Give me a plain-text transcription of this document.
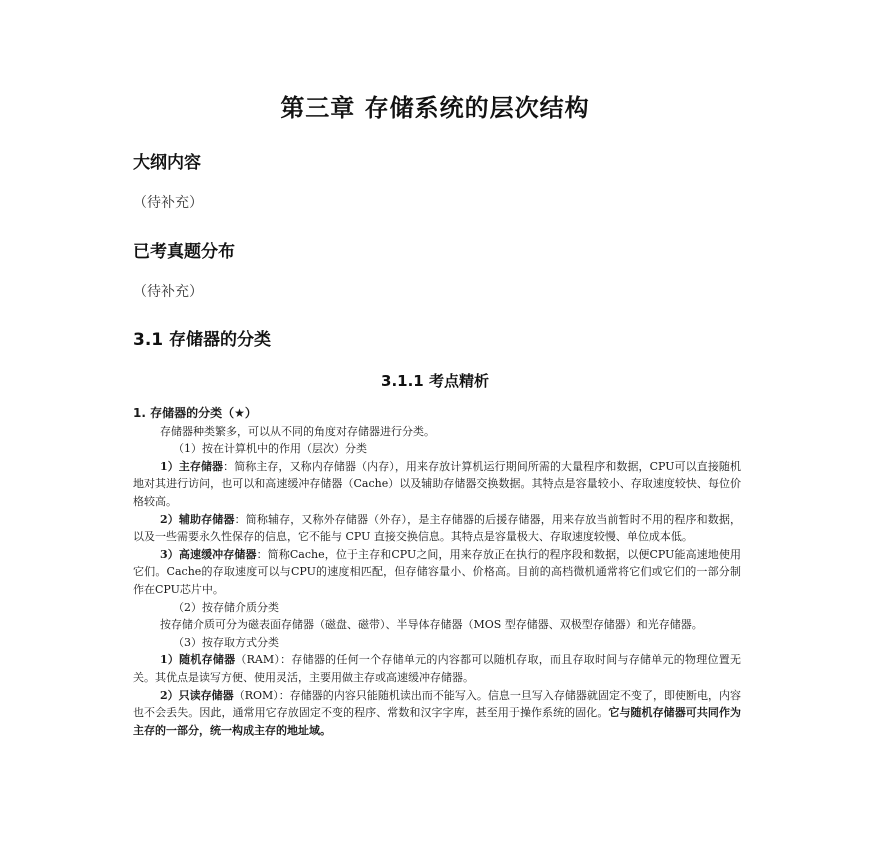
第三章 存储系统的层次结构
大纲内容
（待补充）
已考真题分布
（待补充）
3.1 存储器的分类
3.1.1 考点精析

1. 存储器的分类（★）

存储器种类繁多，可以从不同的角度对存储器进行分类。

（1）按在计算机中的作用（层次）分类

1）主存储器：简称主存，又称内存储器（内存），用来存放计算机运行期间所需的大量程序和数据，CPU可以直接随机地对其进行访问，也可以和高速缓冲存储器（Cache）以及辅助存储器交换数据。其特点是容量较小、存取速度较快、每位价格较高。

2）辅助存储器：简称辅存，又称外存储器（外存），是主存储器的后援存储器，用来存放当前暂时不用的程序和数据，以及一些需要永久性保存的信息，它不能与 CPU 直接交换信息。其特点是容量极大、存取速度较慢、单位成本低。

3）高速缓冲存储器：简称Cache，位于主存和CPU之间，用来存放正在执行的程序段和数据，以便CPU能高速地使用它们。Cache的存取速度可以与CPU的速度相匹配，但存储容量小、价格高。目前的高档微机通常将它们或它们的一部分制作在CPU芯片中。

（2）按存储介质分类

按存储介质可分为磁表面存储器（磁盘、磁带）、半导体存储器（MOS 型存储器、双极型存储器）和光存储器。

（3）按存取方式分类

1）随机存储器（RAM）：存储器的任何一个存储单元的内容都可以随机存取，而且存取时间与存储单元的物理位置无关。其优点是读写方便、使用灵活，主要用做主存或高速缓冲存储器。

2）只读存储器（ROM）：存储器的内容只能随机读出而不能写入。信息一旦写入存储器就固定不变了，即使断电，内容也不会丢失。因此，通常用它存放固定不变的程序、常数和汉字字库，甚至用于操作系统的固化。它与随机存储器可共同作为主存的一部分，统一构成主存的地址域。
